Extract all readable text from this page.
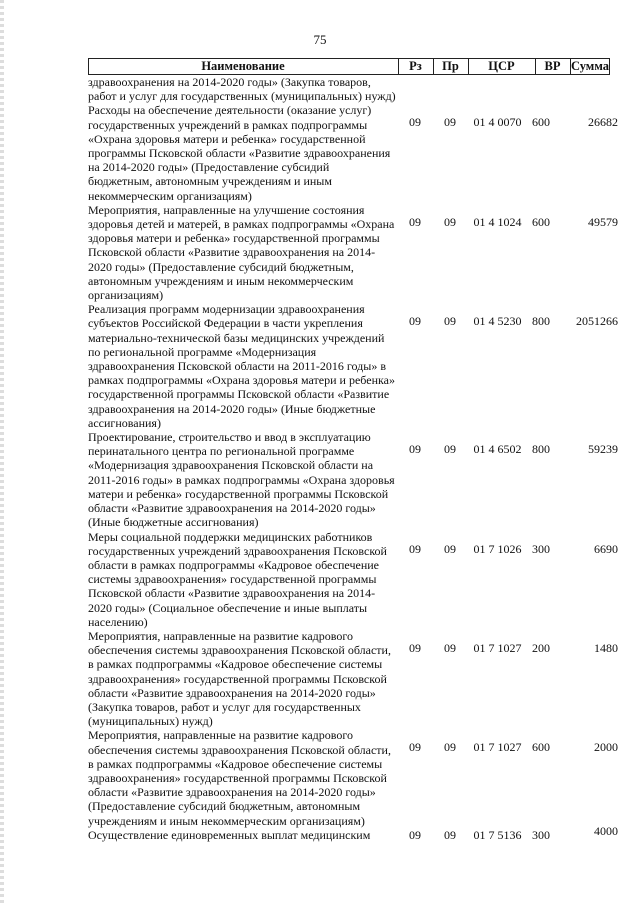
75
Наименование	Рз	Пр	ЦСР	ВР Сумма
здравоохранения на 2014-2020 годы» (Закупка товаров, работ и услуг для государственных (муниципальных) нужд)
Расходы на обеспечение деятельности (оказание услуг) государственных учреждений в рамках подпрограммы «Охрана здоровья матери и ребенка» государственной программы Псковской области «Развитие здравоохранения на 2014-2020 годы» (Предоставление субсидий бюджетным, автономным учреждениям и иным некоммерческим организациям)
09	09	01 4 0070 600	26682
Мероприятия, направленные на улучшение состояния здоровья детей и матерей, в рамках подпрограммы «Охрана здоровья матери и ребенка» государственной программы Псковской области «Развитие здравоохранения на 2014-2020 годы» (Предоставление субсидий бюджетным, автономным учреждениям и иным некоммерческим организациям)
09	09	01 4 1024 600	49579
Реализация программ модернизации здравоохранения субъектов Российской Федерации в части укрепления материально-технической базы медицинских учреждений по региональной программе «Модернизация здравоохранения Псковской области на 2011-2016 годы» в рамках подпрограммы «Охрана здоровья матери и ребенка» государственной программы Псковской области «Развитие здравоохранения на 2014-2020 годы» (Иные бюджетные ассигнования)
09	09	01 4 5230 800	2051266
Проектирование, строительство и ввод в эксплуатацию перинатального центра по региональной программе «Модернизация здравоохранения Псковской области на 2011-2016 годы» в рамках подпрограммы «Охрана здоровья матери и ребенка» государственной программы Псковской области «Развитие здравоохранения на 2014-2020 годы» (Иные бюджетные ассигнования)
09	09	01 4 6502 800	59239
Меры социальной поддержки медицинских работников государственных учреждений здравоохранения Псковской области в рамках подпрограммы «Кадровое обеспечение системы здравоохранения» государственной программы Псковской области «Развитие здравоохранения на 2014-2020 годы» (Социальное обеспечение и иные выплаты населению)
09	09	01 7 1026 300	6690
Мероприятия, направленные на развитие кадрового обеспечения системы здравоохранения Псковской области, в рамках подпрограммы «Кадровое обеспечение системы здравоохранения» государственной программы Псковской области «Развитие здравоохранения на 2014-2020 годы» (Закупка товаров, работ и услуг для государственных (муниципальных) нужд)
09	09	01 7 1027 200	1480
Мероприятия, направленные на развитие кадрового обеспечения системы здравоохранения Псковской области, в рамках подпрограммы «Кадровое обеспечение системы здравоохранения» государственной программы Псковской области «Развитие здравоохранения на 2014-2020 годы» (Предоставление субсидий бюджетным, автономным учреждениям и иным некоммерческим организациям)
09	09	01 7 1027 600	2000
Осуществление единовременных выплат медицинским	09	09	01 7 5136 300	4000
